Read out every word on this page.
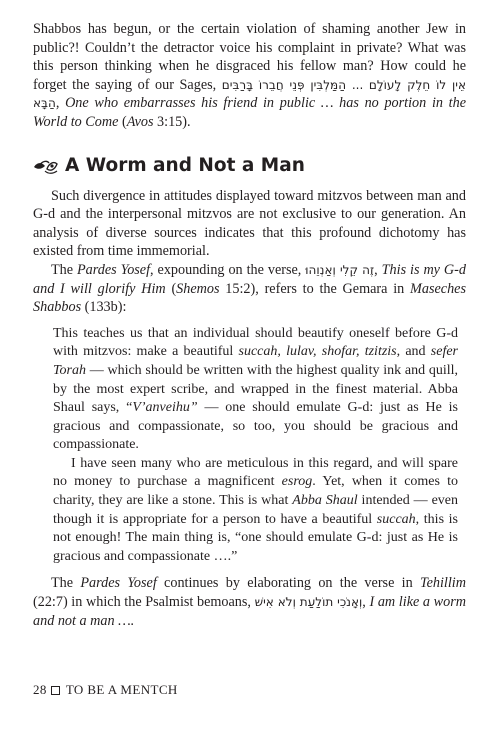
Shabbos has begun, or the certain violation of shaming another Jew in public?! Couldn’t the detractor voice his complaint in private? What was this person thinking when he disgraced his fellow man? How could he forget the saying of our Sages, ... הַמַּלְבִּין פְּנֵי חֲבֵרוֹ בָּרַבִּים אֵין לוֹ חֵלֶק לָעוֹלָם הַבָּא, One who embarrasses his friend in public … has no portion in the World to Come (Avos 3:15).

A Worm and Not a Man

Such divergence in attitudes displayed toward mitzvos between man and G-d and the interpersonal mitzvos are not exclusive to our generation. An analysis of diverse sources indicates that this profound dichotomy has existed from time immemorial.

The Pardes Yosef, expounding on the verse, זֶה קֵלִי וְאַנְוֵהוּ, This is my G-d and I will glorify Him (Shemos 15:2), refers to the Gemara in Maseches Shabbos (133b):

This teaches us that an individual should beautify oneself before G-d with mitzvos: make a beautiful succah, lulav, shofar, tzitzis, and sefer Torah — which should be written with the highest quality ink and quill, by the most expert scribe, and wrapped in the finest material. Abba Shaul says, “V’anveihu” — one should emulate G-d: just as He is gracious and compassionate, so too, you should be gracious and compassionate.

I have seen many who are meticulous in this regard, and will spare no money to purchase a magnificent esrog. Yet, when it comes to charity, they are like a stone. This is what Abba Shaul intended — even though it is appropriate for a person to have a beautiful succah, this is not enough! The main thing is, “one should emulate G-d: just as He is gracious and compassionate ….”

The Pardes Yosef continues by elaborating on the verse in Tehillim (22:7) in which the Psalmist bemoans, וְאָנֹכִי תוֹלַעַת וְלֹא אִישׁ, I am like a worm and not a man ….

28 TO BE A MENTCH
